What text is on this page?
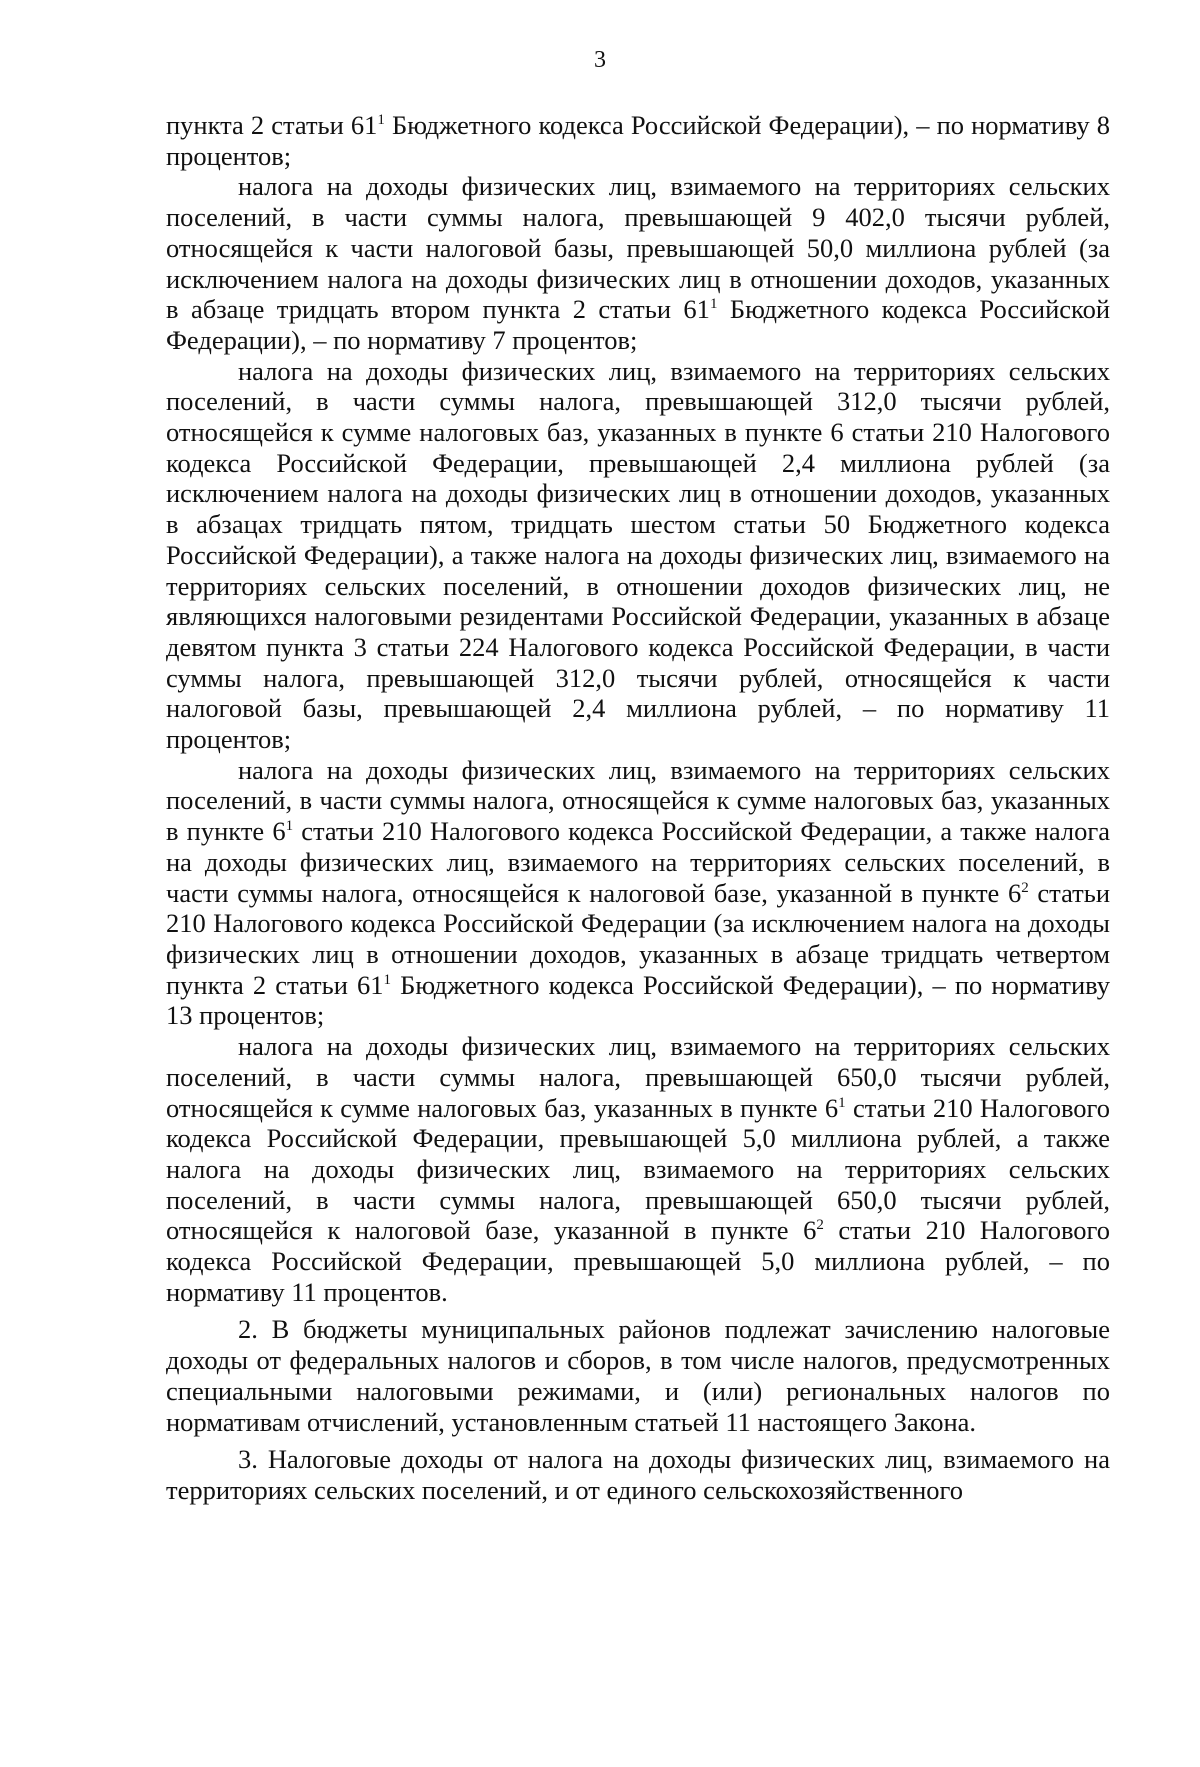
3

пункта 2 статьи $61^1$ Бюджетного кодекса Российской Федерации), – по нормативу 8 процентов;

налога на доходы физических лиц, взимаемого на территориях сельских поселений, в части суммы налога, превышающей 9 402,0 тысячи рублей, относящейся к части налоговой базы, превышающей 50,0 миллиона рублей (за исключением налога на доходы физических лиц в отношении доходов, указанных в абзаце тридцать втором пункта 2 статьи $61^1$ Бюджетного кодекса Российской Федерации), – по нормативу 7 процентов;

налога на доходы физических лиц, взимаемого на территориях сельских поселений, в части суммы налога, превышающей 312,0 тысячи рублей, относящейся к сумме налоговых баз, указанных в пункте 6 статьи 210 Налогового кодекса Российской Федерации, превышающей 2,4 миллиона рублей (за исключением налога на доходы физических лиц в отношении доходов, указанных в абзацах тридцать пятом, тридцать шестом статьи 50 Бюджетного кодекса Российской Федерации), а также налога на доходы физических лиц, взимаемого на территориях сельских поселений, в отношении доходов физических лиц, не являющихся налоговыми резидентами Российской Федерации, указанных в абзаце девятом пункта 3 статьи 224 Налогового кодекса Российской Федерации, в части суммы налога, превышающей 312,0 тысячи рублей, относящейся к части налоговой базы, превышающей 2,4 миллиона рублей, – по нормативу 11 процентов;

налога на доходы физических лиц, взимаемого на территориях сельских поселений, в части суммы налога, относящейся к сумме налоговых баз, указанных в пункте $6^1$ статьи 210 Налогового кодекса Российской Федерации, а также налога на доходы физических лиц, взимаемого на территориях сельских поселений, в части суммы налога, относящейся к налоговой базе, указанной в пункте $6^2$ статьи 210 Налогового кодекса Российской Федерации (за исключением налога на доходы физических лиц в отношении доходов, указанных в абзаце тридцать четвертом пункта 2 статьи $61^1$ Бюджетного кодекса Российской Федерации), – по нормативу 13 процентов;

налога на доходы физических лиц, взимаемого на территориях сельских поселений, в части суммы налога, превышающей 650,0 тысячи рублей, относящейся к сумме налоговых баз, указанных в пункте $6^1$ статьи 210 Налогового кодекса Российской Федерации, превышающей 5,0 миллиона рублей, а также налога на доходы физических лиц, взимаемого на территориях сельских поселений, в части суммы налога, превышающей 650,0 тысячи рублей, относящейся к налоговой базе, указанной в пункте $6^2$ статьи 210 Налогового кодекса Российской Федерации, превышающей 5,0 миллиона рублей, – по нормативу 11 процентов.

2. В бюджеты муниципальных районов подлежат зачислению налоговые доходы от федеральных налогов и сборов, в том числе налогов, предусмотренных специальными налоговыми режимами, и (или) региональных налогов по нормативам отчислений, установленным статьей 11 настоящего Закона.

3. Налоговые доходы от налога на доходы физических лиц, взимаемого на территориях сельских поселений, и от единого сельскохозяйственного
